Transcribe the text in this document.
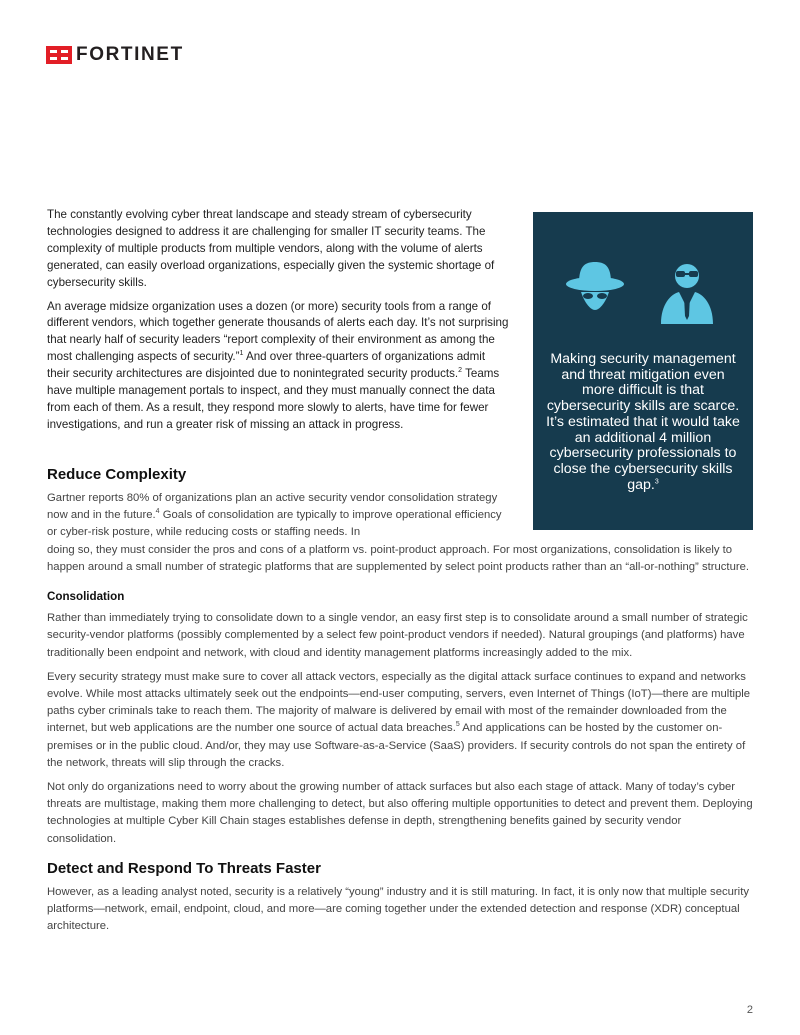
FORTINET

The constantly evolving cyber threat landscape and steady stream of cybersecurity technologies designed to address it are challenging for smaller IT security teams. The complexity of multiple products from multiple vendors, along with the volume of alerts generated, can easily overload organizations, especially given the systemic shortage of cybersecurity skills.

An average midsize organization uses a dozen (or more) security tools from a range of different vendors, which together generate thousands of alerts each day. It’s not surprising that nearly half of security leaders “report complexity of their environment as among the most challenging aspects of security.”$^1$ And over three-quarters of organizations admit their security architectures are disjointed due to nonintegrated security products.$^2$ Teams have multiple management portals to inspect, and they must manually connect the data from each of them. As a result, they respond more slowly to alerts, have time for fewer investigations, and run a greater risk of missing an attack in progress.

Making security management and threat mitigation even more difficult is that cybersecurity skills are scarce. It’s estimated that it would take an additional 4 million cybersecurity professionals to close the cybersecurity skills gap.$^3$
Reduce Complexity

Gartner reports 80% of organizations plan an active security vendor consolidation strategy now and in the future.$^4$ Goals of consolidation are typically to improve operational efficiency or cyber-risk posture, while reducing costs or staffing needs. In

doing so, they must consider the pros and cons of a platform vs. point-product approach. For most organizations, consolidation is likely to happen around a small number of strategic platforms that are supplemented by select point products rather than an “all-or-nothing” structure.

Consolidation

Rather than immediately trying to consolidate down to a single vendor, an easy first step is to consolidate around a small number of strategic security-vendor platforms (possibly complemented by a select few point-product vendors if needed). Natural groupings (and platforms) have traditionally been endpoint and network, with cloud and identity management platforms increasingly added to the mix.

Every security strategy must make sure to cover all attack vectors, especially as the digital attack surface continues to expand and networks evolve. While most attacks ultimately seek out the endpoints—end-user computing, servers, even Internet of Things (IoT)—there are multiple paths cyber criminals take to reach them. The majority of malware is delivered by email with most of the remainder downloaded from the internet, but web applications are the number one source of actual data breaches.$^5$ And applications can be hosted by the customer on-premises or in the public cloud. And/or, they may use Software-as-a-Service (SaaS) providers. If security controls do not span the entirety of the network, threats will slip through the cracks.

Not only do organizations need to worry about the growing number of attack surfaces but also each stage of attack. Many of today’s cyber threats are multistage, making them more challenging to detect, but also offering multiple opportunities to detect and prevent them. Deploying technologies at multiple Cyber Kill Chain stages establishes defense in depth, strengthening benefits gained by security vendor consolidation.

Detect and Respond To Threats Faster

However, as a leading analyst noted, security is a relatively “young” industry and it is still maturing. In fact, it is only now that multiple security platforms—network, email, endpoint, cloud, and more—are coming together under the extended detection and response (XDR) conceptual architecture.

2
